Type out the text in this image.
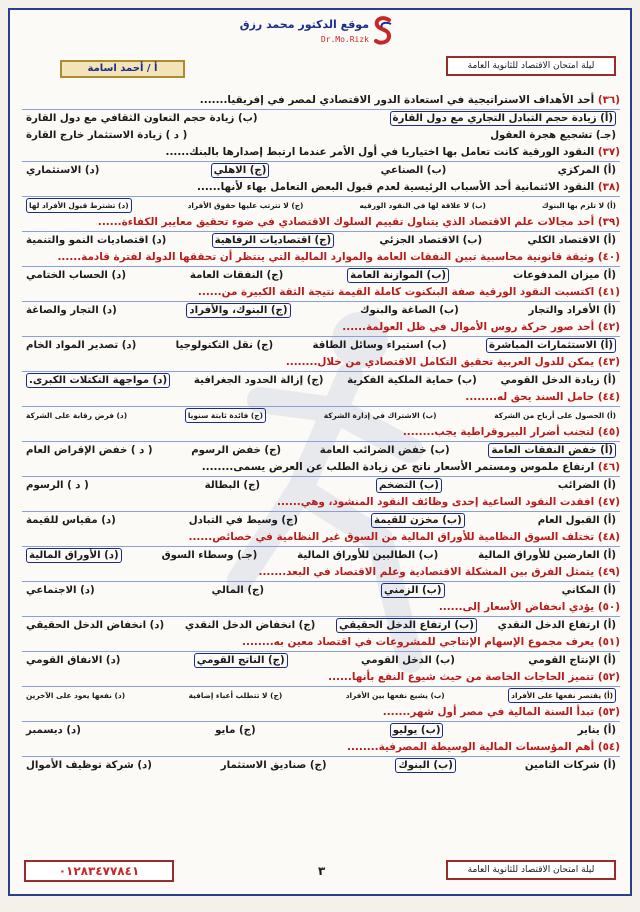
موقع الدكتور محمد رزق
Dr.Mo.Rizk
ليلة امتحان الاقتصاد للثانوية العامة
أ / أحمد اسامة
(٣٦) أحد الأهداف الاستراتيجية في استعادة الدور الاقتصادي لمصر في إفريقيا.......
(أ) زيادة حجم التبادل التجاري مع دول القارة
(ب) زيادة حجم التعاون الثقافي مع دول القارة
(جـ) تشجيع هجرة العقول
( د ) زيادة الاستثمار خارج القارة
(٣٧) النقود الورقية كانت تعامل بها اختياريا في أول الأمر عندما ارتبط إصدارها بالبنك......
(أ) المركزي
(ب) الصناعي
(ج) الاهلي
(د) الاستثماري
(٣٨) النقود الائتمانية أحد الأسباب الرئيسية لعدم قبول البعض التعامل بهاء لأنها......
(أ) لا تلزم بها البنوك
(ب) لا علاقة لها في النقود الورقيه
(ج) لا تترتب عليها حقوق الأفراد
(د) تشترط قبول الأفراد لها
(٣٩) أحد مجالات علم الاقتصاد الذي يتناول تقييم السلوك الاقتصادي في ضوء تحقيق معايير الكفاءة......
(أ) الاقتصاد الكلي
(ب) الاقتصاد الجزئي
(ج) اقتصاديات الرفاهية
(د) اقتصاديات النمو والتنمية
(٤٠) وثيقة قانونية محاسبية تبين النفقات العامة والموارد المالية التي ينتظر أن تحققها الدولة لفترة قادمة......
(أ) ميزان المدفوعات
(ب) الموازنة العامة
(ج) النفقات العامة
(د) الحساب الختامي
(٤١) اكتسبت النقود الورقية صفة البنكنوت كاملة القيمة نتيجة الثقة الكبيرة من......
(أ) الأفراد والتجار
(ب) الصاغة والبنوك
(ج) البنوك، والأفراد
(د) التجار والصاغة
(٤٢) أحد صور حركة روس الأموال في ظل العولمة......
(أ) الاستثمارات المباشرة
(ب) استيراء وسائل الطاقة
(ج) نقل التكنولوجيا
(د) تصدير المواد الخام
(٤٣) يمكن للدول العربية تحقيق التكامل الاقتصادي من خلال........
(أ) زيادة الدخل القومي
(ب) حماية الملكية الفكرية
(ج) إزالة الحدود الجغرافية
(د) مواجهة التكتلات الكبرى.
(٤٤) حامل السند يحق له........
(أ) الحصول على أرباح من الشركة
(ب) الاشتراك في إدارة الشركة
(ج) فائدة ثابتة سنويا
(د) فرض رقابة على الشركة
(٤٥) لتجنب أضرار البيروقراطية يجب........
(أ) خفض النفقات العامة
(ب) خفض الضرائب العامة
(ج) خفض الرسوم
( د ) خفض الإقراض العام
(٤٦) ارتفاع ملموس ومستمر الأسعار ناتج عن زيادة الطلب عن العرض يسمى........
(أ) الضرائب
(ب) التضخم
(ج) البطالة
( د ) الرسوم
(٤٧) افقدت النقود الساعية إحدى وظائف النقود المنشود، وهي......
(أ) القبول العام
(ب) مخزن للقيمة
(ج) وسيط في التبادل
(د) مقياس للقيمة
(٤٨) تختلف السوق النظامية للأوراق المالية من السوق غير النظامية في خصائص......
(أ) العارضين للأوراق المالية
(ب) الطالبين للأوراق المالية
(جـ) وسطاء السوق
(د) الأوراق المالية
(٤٩) يتمثل الفرق بين المشكلة الاقتصادية وعلم الاقتصاد في البعد.......
(أ) المكاني
(ب) الزمني
(ج) المالي
(د) الاجتماعي
(٥٠) يؤدي انخفاض الأسعار إلى......
(أ) ارتفاع الدخل النقدي
(ب) ارتفاع الدخل الحقيقي
(ج) انخفاض الدخل النقدي
(د) انخفاض الدخل الحقيقي
(٥١) يعرف مجموع الإسهام الإنتاجي للمشروعات في اقتصاد معين به........
(أ) الإنتاج القومي
(ب) الدخل القومي
(ج) الناتج القومي
(د) الانفاق القومي
(٥٢) تتميز الحاجات الخاصة من حيث شيوع النفع بأنها......
(أ) يقتصر نفعها على الأفراد
(ب) يشيع نفعها بين الأفراد
(ج) لا تتطلب أعباء إضافية
(د) نفعها يعود على الآخرين
(٥٣) تبدأ السنة المالية في مصر أول شهر.......
(أ) يناير
(ب) يوليو
(ج) مايو
(د) ديسمبر
(٥٤) أهم المؤسسات المالية الوسيطة المصرفية........
(أ) شركات التامين
(ب) البنوك
(ج) صناديق الاستثمار
(د) شركة توظيف الأموال
٠١٢٨٣٤٧٧٨٤١	٣	ليلة امتحان الاقتصاد للثانوية العامة
